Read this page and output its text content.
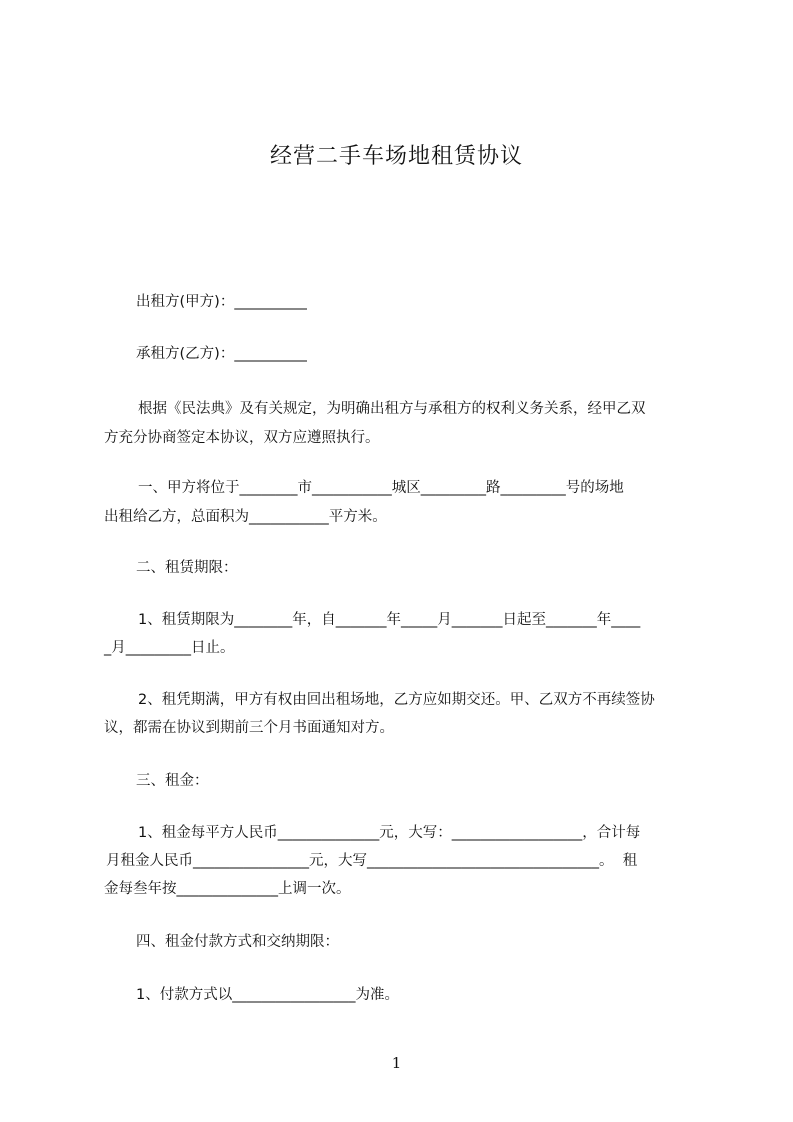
经营二手车场地租赁协议
出租方(甲方)：__________
承租方(乙方)：__________
根据《民法典》及有关规定，为明确出租方与承租方的权利义务关系，经甲乙双
方充分协商签定本协议，双方应遵照执行。
一、甲方将位于________市___________城区_________路_________号的场地
出租给乙方，总面积为___________平方米。
二、租赁期限：
1、租赁期限为________年，自_______年_____月_______日起至_______年____
_月_________日止。
2、租凭期满，甲方有权由回出租场地，乙方应如期交还。甲、乙双方不再续签协
议，都需在协议到期前三个月书面通知对方。
三、租金：
1、租金每平方人民币______________元，大写：__________________，合计每
月租金人民币________________元，大写________________________________。  租
金每叁年按______________上调一次。
四、租金付款方式和交纳期限：
1、付款方式以_________________为准。
1
